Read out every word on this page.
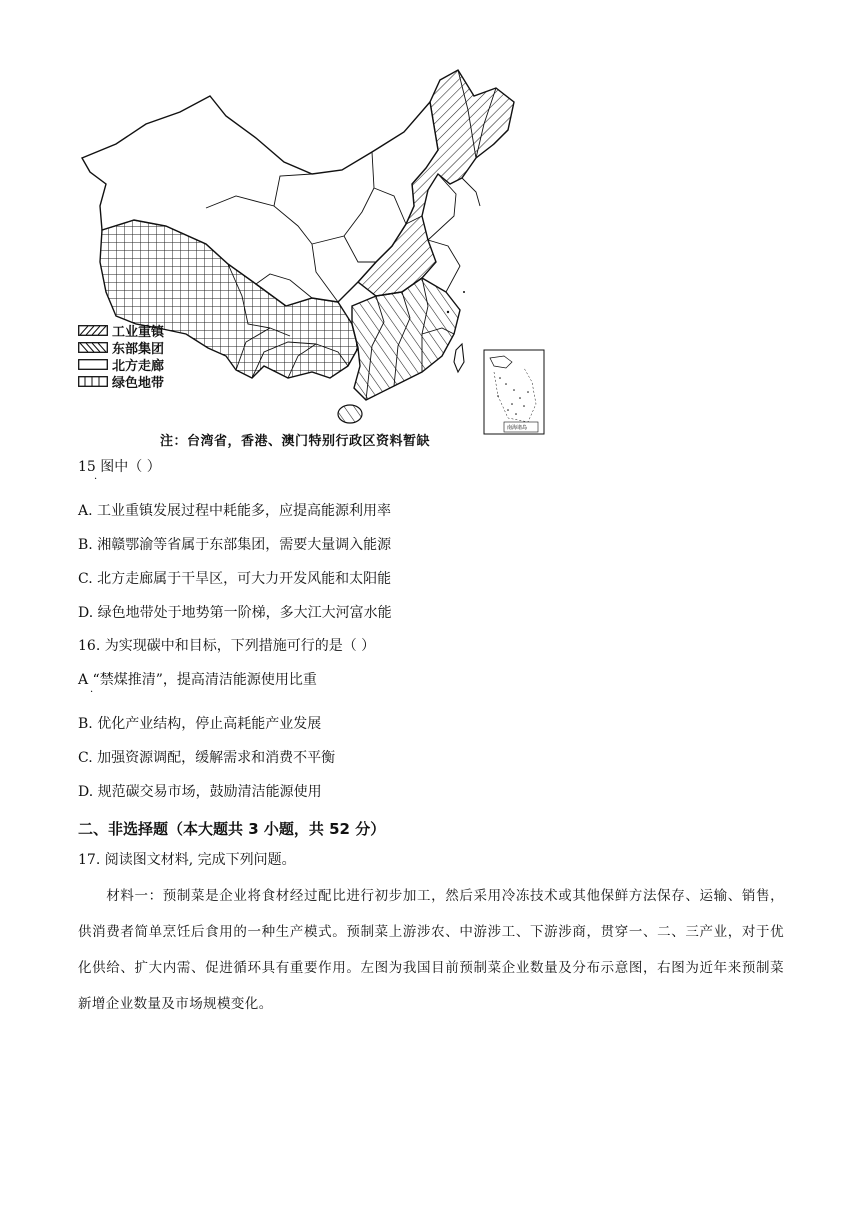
南海诸岛
工业重镇
东部集团
北方走廊
绿色地带
注：台湾省，香港、澳门特别行政区资料暂缺
15 图中（ ）
·
A. 工业重镇发展过程中耗能多，应提高能源利用率
B. 湘赣鄂渝等省属于东部集团，需要大量调入能源
C. 北方走廊属于干旱区，可大力开发风能和太阳能
D. 绿色地带处于地势第一阶梯，多大江大河富水能
16. 为实现碳中和目标，下列措施可行的是（ ）
A “禁煤推清”，提高清洁能源使用比重
·
B. 优化产业结构，停止高耗能产业发展
C. 加强资源调配，缓解需求和消费不平衡
D. 规范碳交易市场，鼓励清洁能源使用
二、非选择题（本大题共 3 小题，共 52 分）
17. 阅读图文材料, 完成下列问题。
材料一：预制菜是企业将食材经过配比进行初步加工，然后采用冷冻技术或其他保鲜方法保存、运输、销售，供消费者简单烹饪后食用的一种生产模式。预制菜上游涉农、中游涉工、下游涉商，贯穿一、二、三产业，对于优化供给、扩大内需、促进循环具有重要作用。左图为我国目前预制菜企业数量及分布示意图，右图为近年来预制菜新增企业数量及市场规模变化。
